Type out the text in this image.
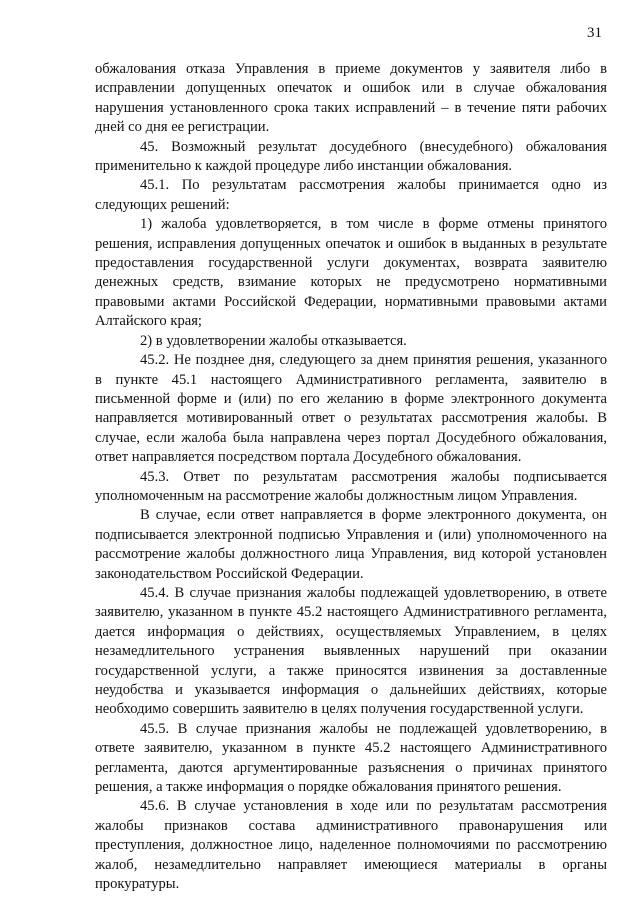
31

обжалования отказа Управления в приеме документов у заявителя либо в исправлении допущенных опечаток и ошибок или в случае обжалования нарушения установленного срока таких исправлений – в течение пяти рабочих дней со дня ее регистрации.

45. Возможный результат досудебного (внесудебного) обжалования применительно к каждой процедуре либо инстанции обжалования.

45.1. По результатам рассмотрения жалобы принимается одно из следующих решений:

1) жалоба удовлетворяется, в том числе в форме отмены принятого решения, исправления допущенных опечаток и ошибок в выданных в результате предоставления государственной услуги документах, возврата заявителю денежных средств, взимание которых не предусмотрено нормативными правовыми актами Российской Федерации, нормативными правовыми актами Алтайского края;

2) в удовлетворении жалобы отказывается.

45.2. Не позднее дня, следующего за днем принятия решения, указанного в пункте 45.1 настоящего Административного регламента, заявителю в письменной форме и (или) по его желанию в форме электронного документа направляется мотивированный ответ о результатах рассмотрения жалобы. В случае, если жалоба была направлена через портал Досудебного обжалования, ответ направляется посредством портала Досудебного обжалования.

45.3. Ответ по результатам рассмотрения жалобы подписывается уполномоченным на рассмотрение жалобы должностным лицом Управления.

В случае, если ответ направляется в форме электронного документа, он подписывается электронной подписью Управления и (или) уполномоченного на рассмотрение жалобы должностного лица Управления, вид которой установлен законодательством Российской Федерации.

45.4. В случае признания жалобы подлежащей удовлетворению, в ответе заявителю, указанном в пункте 45.2 настоящего Административного регламента, дается информация о действиях, осуществляемых Управлением, в целях незамедлительного устранения выявленных нарушений при оказании государственной услуги, а также приносятся извинения за доставленные неудобства и указывается информация о дальнейших действиях, которые необходимо совершить заявителю в целях получения государственной услуги.

45.5. В случае признания жалобы не подлежащей удовлетворению, в ответе заявителю, указанном в пункте 45.2 настоящего Административного регламента, даются аргументированные разъяснения о причинах принятого решения, а также информация о порядке обжалования принятого решения.

45.6. В случае установления в ходе или по результатам рассмотрения жалобы признаков состава административного правонарушения или преступления, должностное лицо, наделенное полномочиями по рассмотрению жалоб, незамедлительно направляет имеющиеся материалы в органы прокуратуры.
